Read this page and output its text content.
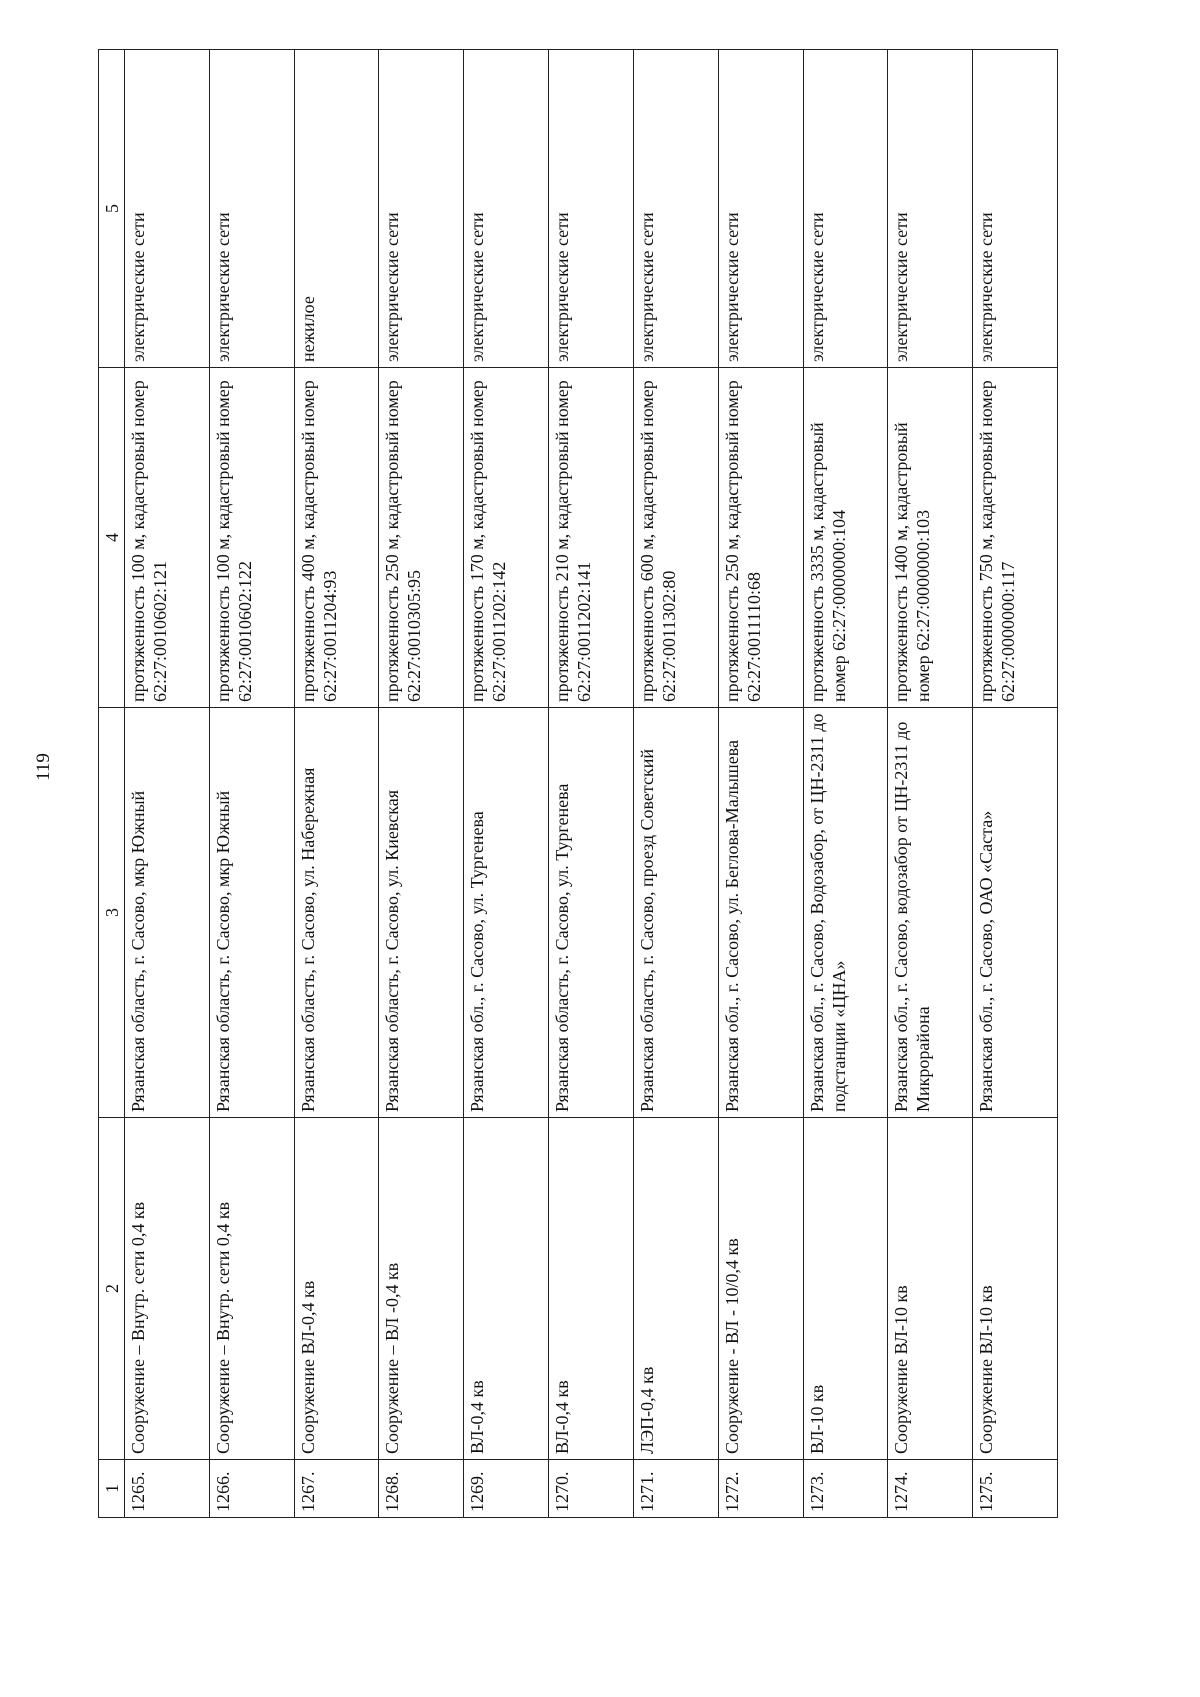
119
1	2	3	4	5
1265.	Сооружение – Внутр. сети 0,4 кв	Рязанская область, г. Сасово, мкр Южный	протяженность 100 м, кадастровый номер 62:27:0010602:121	электрические сети
1266.	Сооружение – Внутр. сети 0,4 кв	Рязанская область, г. Сасово, мкр Южный	протяженность 100 м, кадастровый номер 62:27:0010602:122	электрические сети
1267.	Сооружение ВЛ-0,4 кв	Рязанская область, г. Сасово, ул. Набережная	протяженность 400 м, кадастровый номер 62:27:0011204:93	нежилое
1268.	Сооружение – ВЛ -0,4 кв	Рязанская область, г. Сасово, ул. Киевская	протяженность 250 м, кадастровый номер 62:27:0010305:95	электрические сети
1269.	ВЛ-0,4 кв	Рязанская обл., г. Сасово, ул. Тургенева	протяженность 170 м, кадастровый номер 62:27:0011202:142	электрические сети
1270.	ВЛ-0,4 кв	Рязанская область, г. Сасово, ул. Тургенева	протяженность 210 м, кадастровый номер 62:27:0011202:141	электрические сети
1271.	ЛЭП-0,4 кв	Рязанская область, г. Сасово, проезд Советский	протяженность 600 м, кадастровый номер 62:27:0011302:80	электрические сети
1272.	Сооружение - ВЛ - 10/0,4 кв	Рязанская обл., г. Сасово, ул. Беглова-Малышева	протяженность 250 м, кадастровый номер 62:27:0011110:68	электрические сети
1273.	ВЛ-10 кв	Рязанская обл., г. Сасово, Водозабор, от ЦН-2311 до подстанции «ЦНА»	протяженность 3335 м, кадастровый номер 62:27:0000000:104	электрические сети
1274.	Сооружение ВЛ-10 кв	Рязанская обл., г. Сасово, водозабор от ЦН-2311 до Микрорайона	протяженность 1400 м, кадастровый номер 62:27:0000000:103	электрические сети
1275.	Сооружение ВЛ-10 кв	Рязанская обл., г. Сасово, ОАО «Саста»	протяженность 750 м, кадастровый номер 62:27:0000000:117	электрические сети
